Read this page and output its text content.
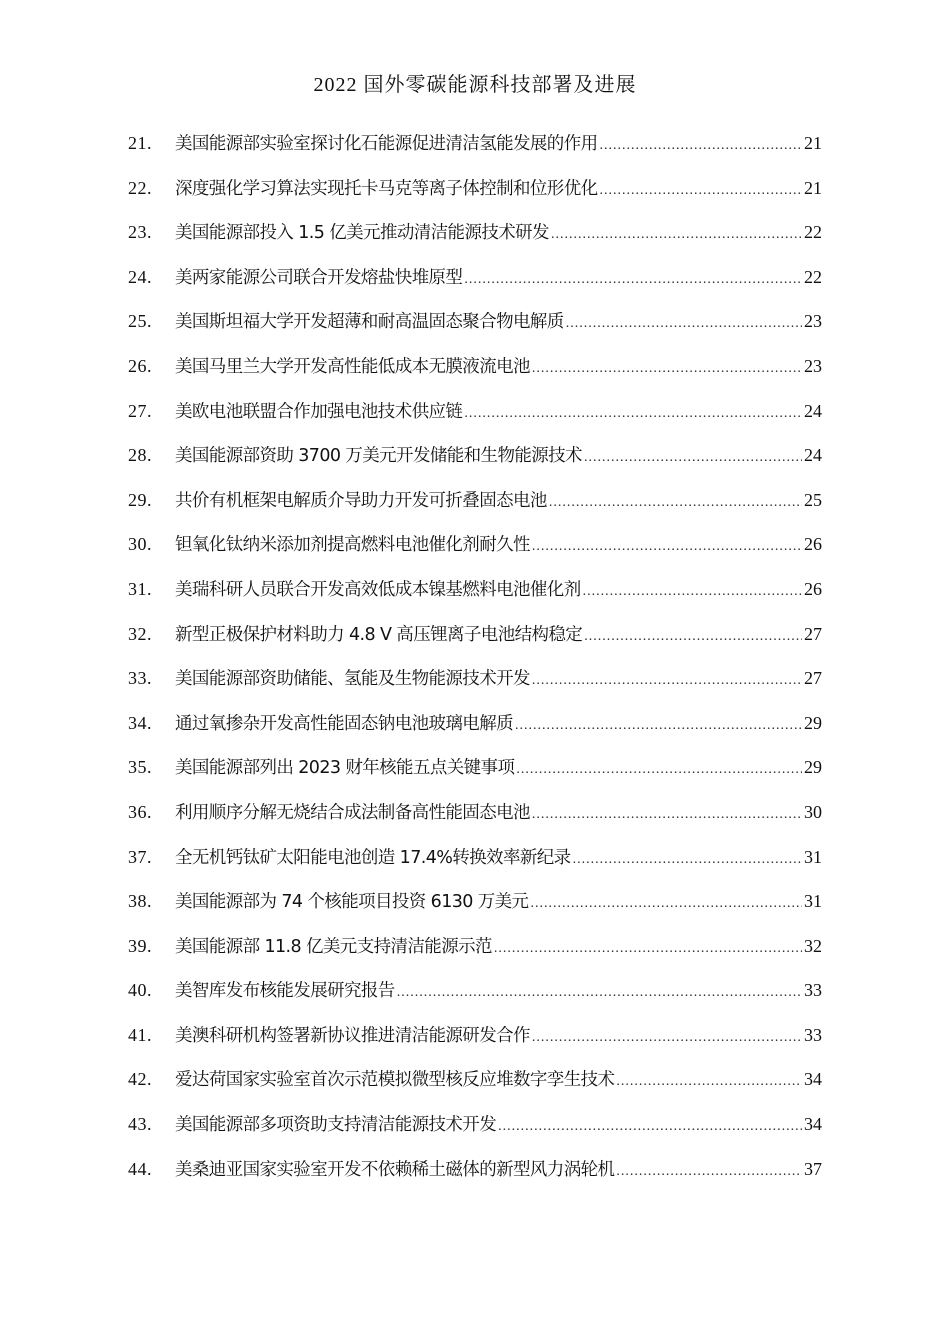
2022 国外零碳能源科技部署及进展
21.	美国能源部实验室探讨化石能源促进清洁氢能发展的作用 .....	21
22.	深度强化学习算法实现托卡马克等离子体控制和位形优化 .....	21
23.	美国能源部投入 1.5 亿美元推动清洁能源技术研发 .....	22
24.	美两家能源公司联合开发熔盐快堆原型 .....	22
25.	美国斯坦福大学开发超薄和耐高温固态聚合物电解质 .....	23
26.	美国马里兰大学开发高性能低成本无膜液流电池 .....	23
27.	美欧电池联盟合作加强电池技术供应链 .....	24
28.	美国能源部资助 3700 万美元开发储能和生物能源技术 .....	24
29.	共价有机框架电解质介导助力开发可折叠固态电池 .....	25
30.	钽氧化钛纳米添加剂提高燃料电池催化剂耐久性 .....	26
31.	美瑞科研人员联合开发高效低成本镍基燃料电池催化剂 .....	26
32.	新型正极保护材料助力 4.8 V 高压锂离子电池结构稳定 .....	27
33.	美国能源部资助储能、氢能及生物能源技术开发 .....	27
34.	通过氧掺杂开发高性能固态钠电池玻璃电解质 .....	29
35.	美国能源部列出 2023 财年核能五点关键事项 .....	29
36.	利用顺序分解无烧结合成法制备高性能固态电池 .....	30
37.	全无机钙钛矿太阳能电池创造 17.4%转换效率新纪录 .....	31
38.	美国能源部为 74 个核能项目投资 6130 万美元 .....	31
39.	美国能源部 11.8 亿美元支持清洁能源示范 .....	32
40.	美智库发布核能发展研究报告 .....	33
41.	美澳科研机构签署新协议推进清洁能源研发合作 .....	33
42.	爱达荷国家实验室首次示范模拟微型核反应堆数字孪生技术 .....	34
43.	美国能源部多项资助支持清洁能源技术开发 .....	34
44.	美桑迪亚国家实验室开发不依赖稀土磁体的新型风力涡轮机 .....	37
